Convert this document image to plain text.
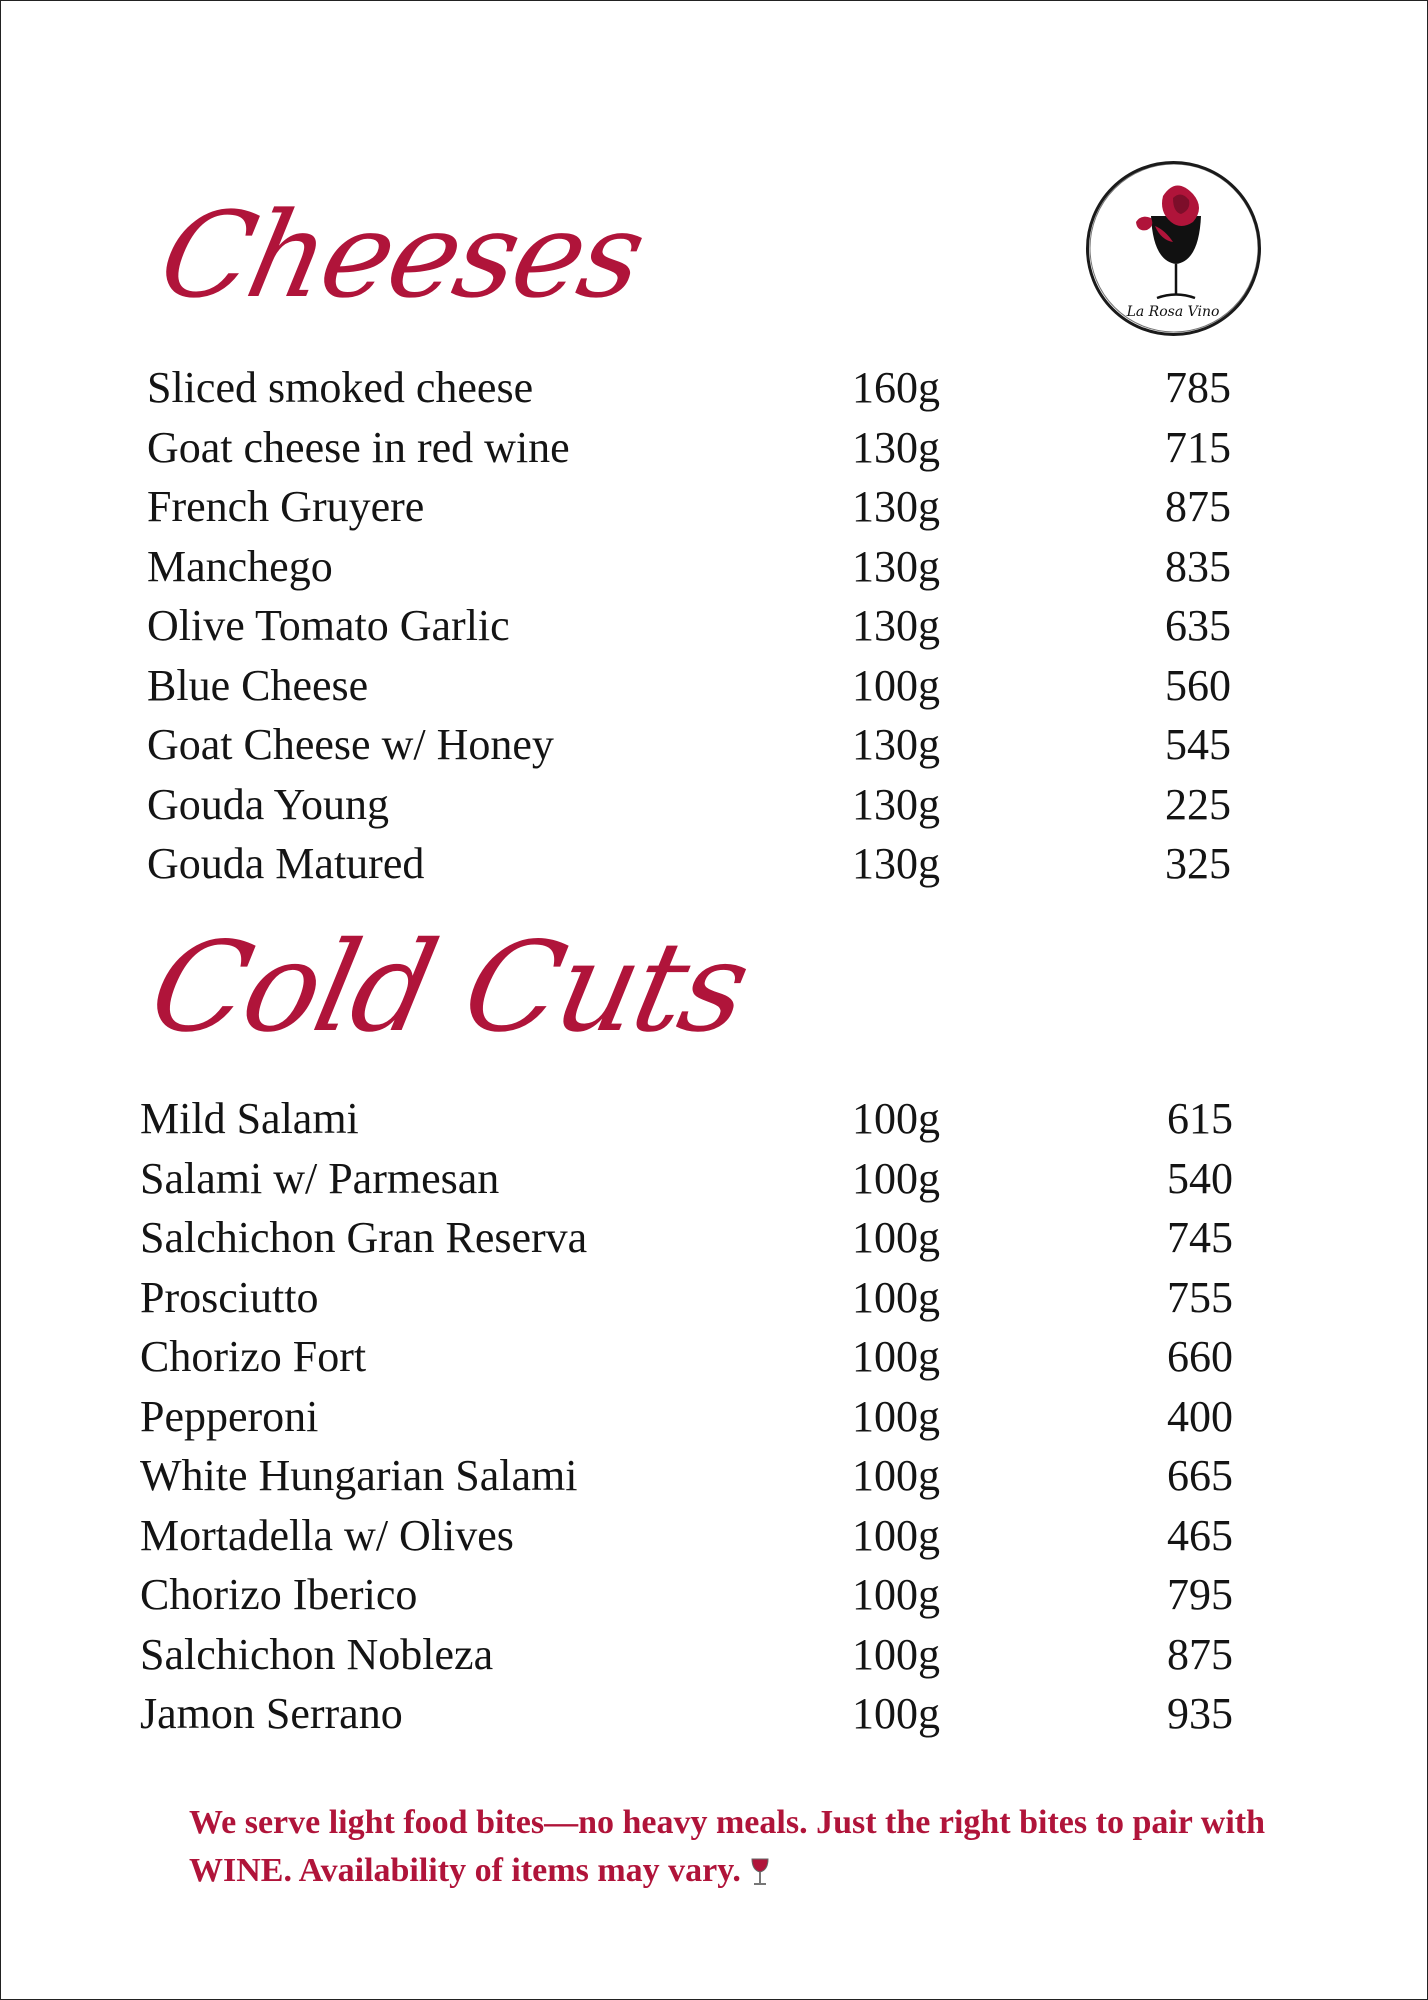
La Rosa Vino
Cheeses
Sliced smoked cheese	160g	785
Goat cheese in red wine	130g	715
French Gruyere	130g	875
Manchego	130g	835
Olive Tomato Garlic	130g	635
Blue Cheese	100g	560
Goat Cheese w/ Honey	130g	545
Gouda Young	130g	225
Gouda Matured	130g	325
Cold Cuts
Mild Salami	100g	615
Salami w/ Parmesan	100g	540
Salchichon Gran Reserva	100g	745
Prosciutto	100g	755
Chorizo Fort	100g	660
Pepperoni	100g	400
White Hungarian Salami	100g	665
Mortadella w/ Olives	100g	465
Chorizo Iberico	100g	795
Salchichon Nobleza	100g	875
Jamon Serrano	100g	935

We serve light food bites—no heavy meals. Just the right bites to pair with WINE. Availability of items may vary.
